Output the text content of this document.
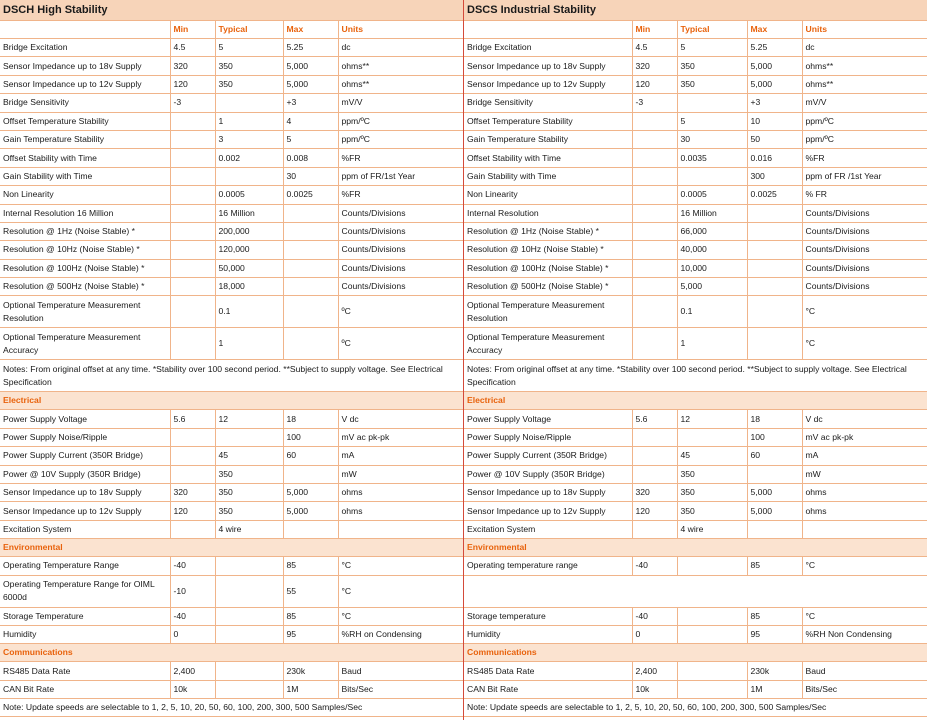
DSCH High Stability				
	Min	Typical	Max	Units
Bridge Excitation	4.5	5	5.25	dc
Sensor Impedance up to 18v Supply	320	350	5,000	ohms**
Sensor Impedance up to 12v Supply	120	350	5,000	ohms**
Bridge Sensitivity	-3		+3	mV/V
Offset Temperature Stability		1	4	ppm/ºC
Gain Temperature Stability		3	5	ppm/ºC
Offset Stability with Time		0.002	0.008	%FR
Gain Stability with Time			30	ppm of FR/1st Year
Non Linearity		0.0005	0.0025	%FR
Internal Resolution 16 Million		16 Million		Counts/Divisions
Resolution @ 1Hz (Noise Stable) *		200,000		Counts/Divisions
Resolution @ 10Hz (Noise Stable) *		120,000		Counts/Divisions
Resolution @ 100Hz (Noise Stable) *		50,000		Counts/Divisions
Resolution @ 500Hz (Noise Stable) *		18,000		Counts/Divisions
Optional Temperature Measurement Resolution		0.1		ºC
Optional Temperature Measurement Accuracy		1		ºC
Notes: From original offset at any time. *Stability over 100 second period. **Subject to supply voltage. See Electrical Specification				
Electrical				
Power Supply Voltage	5.6	12	18	V dc
Power Supply Noise/Ripple			100	mV ac pk-pk
Power Supply Current (350R Bridge)		45	60	mA
Power @ 10V Supply (350R Bridge)		350		mW
Sensor Impedance up to 18v Supply	320	350	5,000	ohms
Sensor Impedance up to 12v Supply	120	350	5,000	ohms
Excitation System		4 wire		
Environmental				
Operating Temperature Range	-40		85	°C
Operating Temperature Range for OIML 6000d	-10		55	°C
Storage Temperature	-40		85	°C
Humidity	0		95	%RH on Condensing
Communications				
RS485 Data Rate	2,400		230k	Baud
CAN Bit Rate	10k		1M	Bits/Sec
Note: Update speeds are selectable to 1, 2, 5, 10, 20, 50, 60, 100, 200, 300, 500 Samples/Sec				
DSCS Industrial Stability				
	Min	Typical	Max	Units
Bridge Excitation	4.5	5	5.25	dc
Sensor Impedance up to 18v Supply	320	350	5,000	ohms**
Sensor Impedance up to 12v Supply	120	350	5,000	ohms**
Bridge Sensitivity	-3		+3	mV/V
Offset Temperature Stability		5	10	ppm/ºC
Gain Temperature Stability		30	50	ppm/ºC
Offset Stability with Time		0.0035	0.016	%FR
Gain Stability with Time			300	ppm of FR /1st Year
Non Linearity		0.0005	0.0025	% FR
Internal Resolution		16 Million		Counts/Divisions
Resolution @ 1Hz (Noise Stable) *		66,000		Counts/Divisions
Resolution @ 10Hz (Noise Stable) *		40,000		Counts/Divisions
Resolution @ 100Hz (Noise Stable) *		10,000		Counts/Divisions
Resolution @ 500Hz (Noise Stable) *		5,000		Counts/Divisions
Optional Temperature Measurement Resolution		0.1		°C
Optional Temperature Measurement Accuracy		1		°C
Notes: From original offset at any time. *Stability over 100 second period. **Subject to supply voltage. See Electrical Specification				
Electrical				
Power Supply Voltage	5.6	12	18	V dc
Power Supply Noise/Ripple			100	mV ac pk-pk
Power Supply Current (350R Bridge)		45	60	mA
Power @ 10V Supply (350R Bridge)		350		mW
Sensor Impedance up to 18v Supply	320	350	5,000	ohms
Sensor Impedance up to 12v Supply	120	350	5,000	ohms
Excitation System		4 wire		
Environmental				
Operating temperature range	-40		85	°C

Storage temperature	-40		85	°C
Humidity	0		95	%RH Non Condensing
Communications				
RS485 Data Rate	2,400		230k	Baud
CAN Bit Rate	10k		1M	Bits/Sec
Note: Update speeds are selectable to 1, 2, 5, 10, 20, 50, 60, 100, 200, 300, 500 Samples/Sec				
